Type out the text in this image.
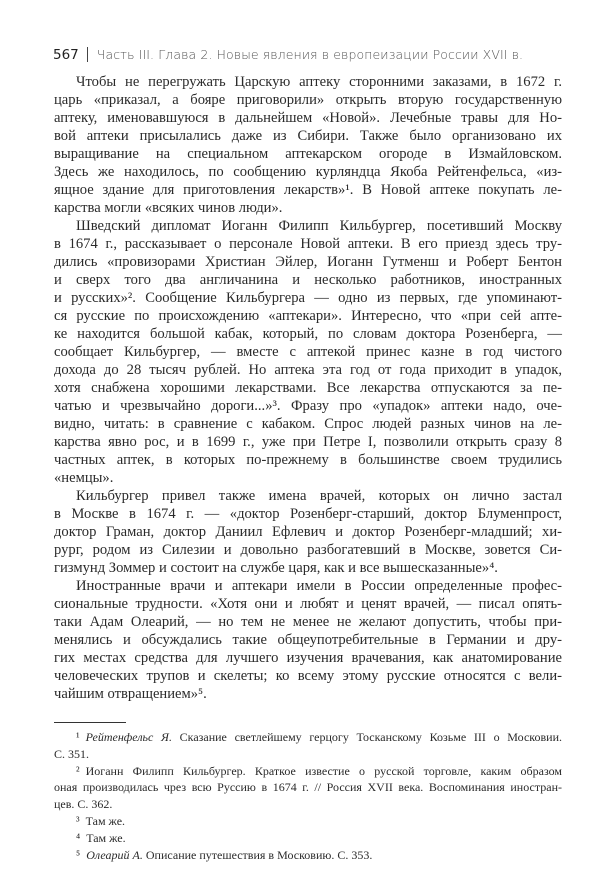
567 Часть III. Глава 2. Новые явления в европеизации России XVII в.
Чтобы не перегружать Царскую аптеку сторонними заказами, в 1672 г.
царь «приказал, а бояре приговорили» открыть вторую государственную
аптеку, именовавшуюся в дальнейшем «Новой». Лечебные травы для Но-
вой аптеки присылались даже из Сибири. Также было организовано их
выращивание на специальном аптекарском огороде в Измайловском.
Здесь же находилось, по сообщению курляндца Якоба Рейтенфельса, «из-
ящное здание для приготовления лекарств»¹. В Новой аптеке покупать ле-
карства могли «всяких чинов люди».
Шведский дипломат Иоганн Филипп Кильбургер, посетивший Москву
в 1674 г., рассказывает о персонале Новой аптеки. В его приезд здесь тру-
дились «провизорами Христиан Эйлер, Иоганн Гутменш и Роберт Бентон
и сверх того два англичанина и несколько работников, иностранных
и русских»². Сообщение Кильбургера — одно из первых, где упоминают-
ся русские по происхождению «аптекари». Интересно, что «при сей апте-
ке находится большой кабак, который, по словам доктора Розенберга, —
сообщает Кильбургер, — вместе с аптекой принес казне в год чистого
дохода до 28 тысяч рублей. Но аптека эта год от года приходит в упадок,
хотя снабжена хорошими лекарствами. Все лекарства отпускаются за пе-
чатью и чрезвычайно дороги...»³. Фразу про «упадок» аптеки надо, оче-
видно, читать: в сравнение с кабаком. Спрос людей разных чинов на ле-
карства явно рос, и в 1699 г., уже при Петре I, позволили открыть сразу 8
частных аптек, в которых по-прежнему в большинстве своем трудились
«немцы».
Кильбургер привел также имена врачей, которых он лично застал
в Москве в 1674 г. — «доктор Розенберг-старший, доктор Блуменпрост,
доктор Граман, доктор Даниил Ефлевич и доктор Розенберг-младший; хи-
рург, родом из Силезии и довольно разбогатевший в Москве, зовется Си-
гизмунд Зоммер и состоит на службе царя, как и все вышесказанные»⁴.
Иностранные врачи и аптекари имели в России определенные профес-
сиональные трудности. «Хотя они и любят и ценят врачей, — писал опять-
таки Адам Олеарий, — но тем не менее не желают допустить, чтобы при-
менялись и обсуждались такие общеупотребительные в Германии и дру-
гих местах средства для лучшего изучения врачевания, как анатомирование
человеческих трупов и скелеты; ко всему этому русские относятся с вели-
чайшим отвращением»⁵.
¹  Рейтенфельс Я. Сказание светлейшему герцогу Тосканскому Козьме III о Московии.
С. 351.
²  Иоганн Филипп Кильбургер. Краткое известие о русской торговле, каким образом
оная производилась чрез всю Руссию в 1674 г. // Россия XVII века. Воспоминания иностран-
цев. С. 362.
³  Там же.
⁴  Там же.
⁵  Олеарий А. Описание путешествия в Московию. С. 353.
